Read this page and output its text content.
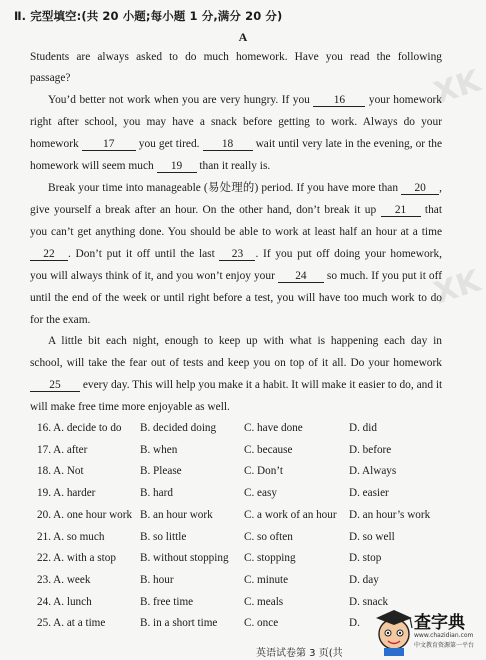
XK
XK
Ⅱ. 完型填空:(共 20 小题;每小题 1 分,满分 20 分)
A
Students are always asked to do much homework. Have you read the following
passage?
You’d better not work when you are very hungry. If you 16 your homework
right after school, you may have a snack before getting to work. Always do your
homework 17 you get tired. 18 wait until very late in the evening, or the
homework will seem much 19 than it really is.
Break your time into manageable (易处理的) period. If you have more than 20 ,
give yourself a break after an hour. On the other hand, don’t break it up 21 that
you can’t get anything done. You should be able to work at least half an hour at a time
22 . Don’t put it off until the last 23 . If you put off doing your homework,
you will always think of it, and you won’t enjoy your 24 so much. If you put it off
until the end of the week or until right before a test, you will have too much work to do
for the exam.
A little bit each night, enough to keep up with what is happening each day in
school, will take the fear out of tests and keep you on top of it all. Do your homework
25 every day. This will help you make it a habit. It will make it easier to do, and it
will make free time more enjoyable as well.
16. A. decide to do B. decided doing C. have done	D. did
17. A. after	B. when	C. because	D. before
18. A. Not	B. Please	C. Don’t	D. Always
19. A. harder	B. hard	C. easy	D. easier
20. A. one hour work B. an hour work	C. a work of an hour D. an hour’s work
21. A. so much	B. so little	C. so often	D. so well
22. A. with a stop B. without stopping C. stopping	D. stop
23. A. week	B. hour	C. minute	D. day
24. A. lunch	B. free time	C. meals	D. snack
25. A. at a time	B. in a short time C. once	D.	查字典
www.chazidian.com
中文教育资源第一平台
英语试卷第 3 页(共
